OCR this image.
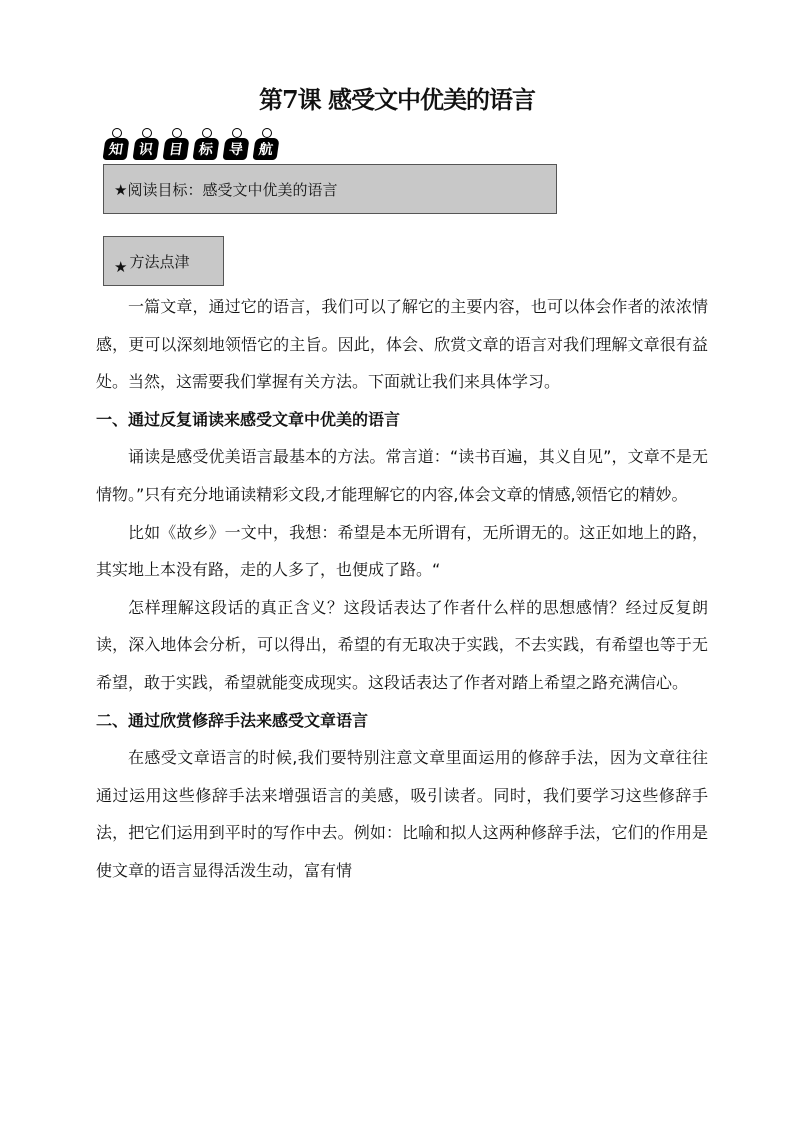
第7课 感受文中优美的语言
知 识 目 标 导 航
★阅读目标：感受文中优美的语言
★ 方法点津

一篇文章，通过它的语言，我们可以了解它的主要内容，也可以体会作者的浓浓情感，更可以深刻地领悟它的主旨。因此，体会、欣赏文章的语言对我们理解文章很有益处。当然，这需要我们掌握有关方法。下面就让我们来具体学习。

一、通过反复诵读来感受文章中优美的语言

诵读是感受优美语言最基本的方法。常言道：“读书百遍，其义自见”，文章不是无情物。”只有充分地诵读精彩文段,才能理解它的内容,体会文章的情感,领悟它的精妙。

比如《故乡》一文中，我想：希望是本无所谓有，无所谓无的。这正如地上的路，其实地上本没有路，走的人多了，也便成了路。“

怎样理解这段话的真正含义？这段话表达了作者什么样的思想感情？经过反复朗读，深入地体会分析，可以得出，希望的有无取决于实践，不去实践，有希望也等于无希望，敢于实践，希望就能变成现实。这段话表达了作者对踏上希望之路充满信心。

二、通过欣赏修辞手法来感受文章语言

在感受文章语言的时候,我们要特别注意文章里面运用的修辞手法，因为文章往往通过运用这些修辞手法来增强语言的美感，吸引读者。同时，我们要学习这些修辞手法，把它们运用到平时的写作中去。例如：比喻和拟人这两种修辞手法，它们的作用是使文章的语言显得活泼生动，富有情
